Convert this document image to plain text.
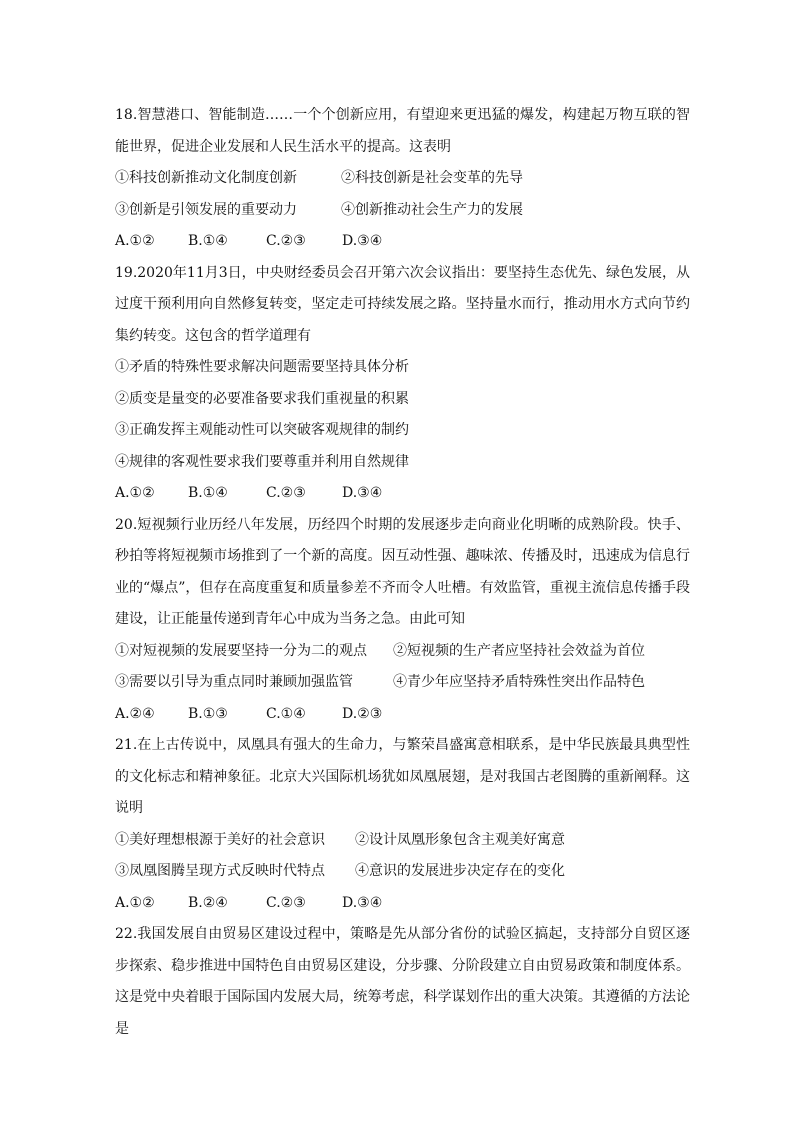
18.智慧港口、智能制造……一个个创新应用，有望迎来更迅猛的爆发，构建起万物互联的智能世界，促进企业发展和人民生活水平的提高。这表明

①科技创新推动文化制度创新	②科技创新是社会变革的先导
③创新是引领发展的重要动力	④创新推动社会生产力的发展
A.①② B.①④	C.②③	D.③④

19.2020年11月3日，中央财经委员会召开第六次会议指出：要坚持生态优先、绿色发展，从过度干预利用向自然修复转变，坚定走可持续发展之路。坚持量水而行，推动用水方式向节约集约转变。这包含的哲学道理有

①矛盾的特殊性要求解决问题需要坚持具体分析
②质变是量变的必要准备要求我们重视量的积累
③正确发挥主观能动性可以突破客观规律的制约
④规律的客观性要求我们要尊重并利用自然规律
A.①② B.①④	C.②③	D.③④

20.短视频行业历经八年发展，历经四个时期的发展逐步走向商业化明晰的成熟阶段。快手、秒拍等将短视频市场推到了一个新的高度。因互动性强、趣味浓、传播及时，迅速成为信息行业的“爆点”，但存在高度重复和质量参差不齐而令人吐槽。有效监管，重视主流信息传播手段建设，让正能量传递到青年心中成为当务之急。由此可知

①对短视频的发展要坚持一分为二的观点 ②短视频的生产者应坚持社会效益为首位
③需要以引导为重点同时兼顾加强监管	④青少年应坚持矛盾特殊性突出作品特色
A.②④ B.①③	C.①④	D.②③

21.在上古传说中，凤凰具有强大的生命力，与繁荣昌盛寓意相联系，是中华民族最具典型性的文化标志和精神象征。北京大兴国际机场犹如凤凰展翅，是对我国古老图腾的重新阐释。这说明

①美好理想根源于美好的社会意识 ②设计凤凰形象包含主观美好寓意
③凤凰图腾呈现方式反映时代特点 ④意识的发展进步决定存在的变化
A.①② B.②④	C.②③	D.③④

22.我国发展自由贸易区建设过程中，策略是先从部分省份的试验区搞起，支持部分自贸区逐步探索、稳步推进中国特色自由贸易区建设，分步骤、分阶段建立自由贸易政策和制度体系。这是党中央着眼于国际国内发展大局，统筹考虑，科学谋划作出的重大决策。其遵循的方法论是
